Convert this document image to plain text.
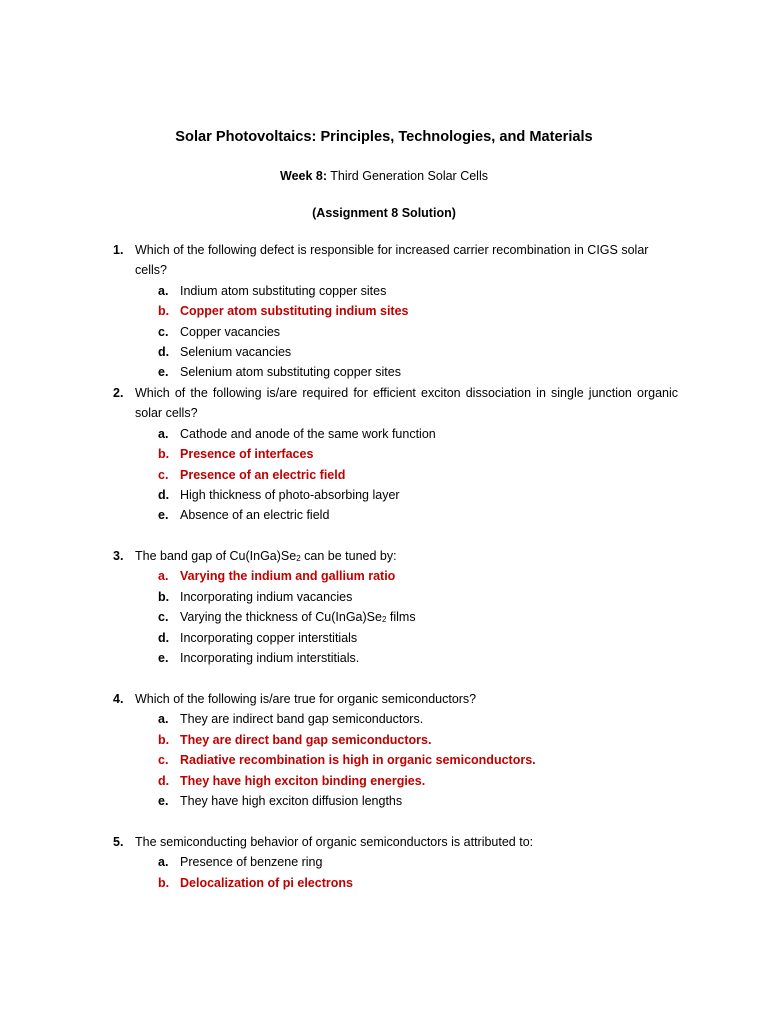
Solar Photovoltaics: Principles, Technologies, and Materials
Week 8: Third Generation Solar Cells
(Assignment 8 Solution)
1. Which of the following defect is responsible for increased carrier recombination in CIGS solar cells?
a. Indium atom substituting copper sites
b. Copper atom substituting indium sites
c. Copper vacancies
d. Selenium vacancies
e. Selenium atom substituting copper sites
2. Which of the following is/are required for efficient exciton dissociation in single junction organic solar cells?
a. Cathode and anode of the same work function
b. Presence of interfaces
c. Presence of an electric field
d. High thickness of photo-absorbing layer
e. Absence of an electric field
3. The band gap of $Cu(InGa)Se_2$ can be tuned by:
a. Varying the indium and gallium ratio
b. Incorporating indium vacancies
c. Varying the thickness of $Cu(InGa)Se_2$ films
d. Incorporating copper interstitials
e. Incorporating indium interstitials.
4. Which of the following is/are true for organic semiconductors?
a. They are indirect band gap semiconductors.
b. They are direct band gap semiconductors.
c. Radiative recombination is high in organic semiconductors.
d. They have high exciton binding energies.
e. They have high exciton diffusion lengths
5. The semiconducting behavior of organic semiconductors is attributed to:
a. Presence of benzene ring
b. Delocalization of pi electrons
